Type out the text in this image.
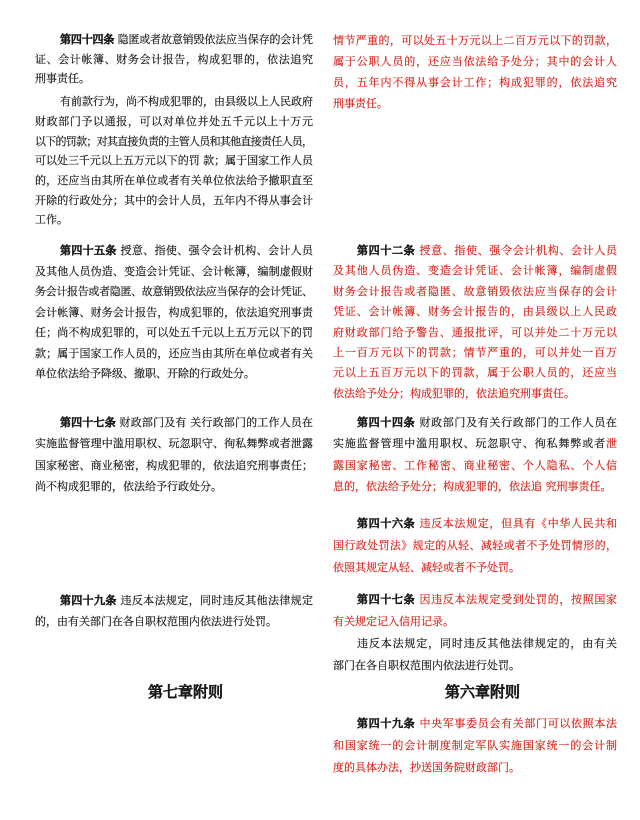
第四十四条 隐匿或者故意销毁依法应当保存的会计凭
证、会计帐簿、财务会计报告，构成犯罪的，依法追究
刑事责任。
有前款行为，尚不构成犯罪的，由县级以上人民政府
财政部门予以通报，可以对单位并处五千元以上十万元
以下的罚款；对其直接负责的主管人员和其他直接责任人员，
可以处三千元以上五万元以下的罚 款；属于国家工作人员
的，还应当由其所在单位或者有关单位依法给予撤职直至
开除的行政处分；其中的会计人员，五年内不得从事会计
工作。
第四十五条 授意、指使、强令会计机构、会计人员
及其他人员伪造、变造会计凭证、会计帐簿，编制虚假财
务会计报告或者隐匿、故意销毁依法应当保存的会计凭证、
会计帐簿、财务会计报告，构成犯罪的，依法追究刑事责
任；尚不构成犯罪的，可以处五千元以上五万元以下的罚
款；属于国家工作人员的，还应当由其所在单位或者有关
单位依法给予降级、撤职、开除的行政处分。
第四十七条 财政部门及有 关行政部门的工作人员在
实施监督管理中滥用职权、玩忽职守、徇私舞弊或者泄露
国家秘密、商业秘密，构成犯罪的，依法追究刑事责任；
尚不构成犯罪的，依法给予行政处分。
第四十九条 违反本法规定，同时违反其他法律规定
的，由有关部门在各自职权范围内依法进行处罚。
第七章附则
情节严重的，可以处五十万元以上二百万元以下的罚款，
属于公职人员的，还应当依法给予处分；其中的会计人
员，五年内不得从事会计工作；构成犯罪的，依法追究
刑事责任。
第四十二条 授意、指使、强令会计机构、会计人员
及其他人员伪造、变造会计凭证、会计帐簿，编制虚假
财务会计报告或者隐匿、故意销毁依法应当保存的会计
凭证、会计帐簿、财务会计报告的，由县级以上人民政
府财政部门给予警告、通报批评，可以并处二十万元以
上一百万元以下的罚款；情节严重的，可以并处一百万
元以上五百万元以下的罚款，属于公职人员的，还应当
依法给予处分；构成犯罪的，依法追究刑事责任。
第四十四条 财政部门及有关行政部门的工作人员在
实施监督管理中滥用职权、玩忽职守、徇私舞弊或者泄
露国家秘密、工作秘密、商业秘密、个人隐私、个人信
息的，依法给予处分；构成犯罪的，依法追 究刑事责任。
第四十六条 违反本法规定，但具有《中华人民共和
国行政处罚法》规定的从轻、减轻或者不予处罚情形的，
依照其规定从轻、减轻或者不予处罚。
第四十七条 因违反本法规定受到处罚的，按照国家
有关规定记入信用记录。
违反本法规定，同时违反其他法律规定的，由有关
部门在各自职权范围内依法进行处罚。
第四十九条 中央军事委员会有关部门可以依照本法
和国家统一的会计制度制定军队实施国家统一的会计制
度的具体办法，抄送国务院财政部门。
第六章附则
